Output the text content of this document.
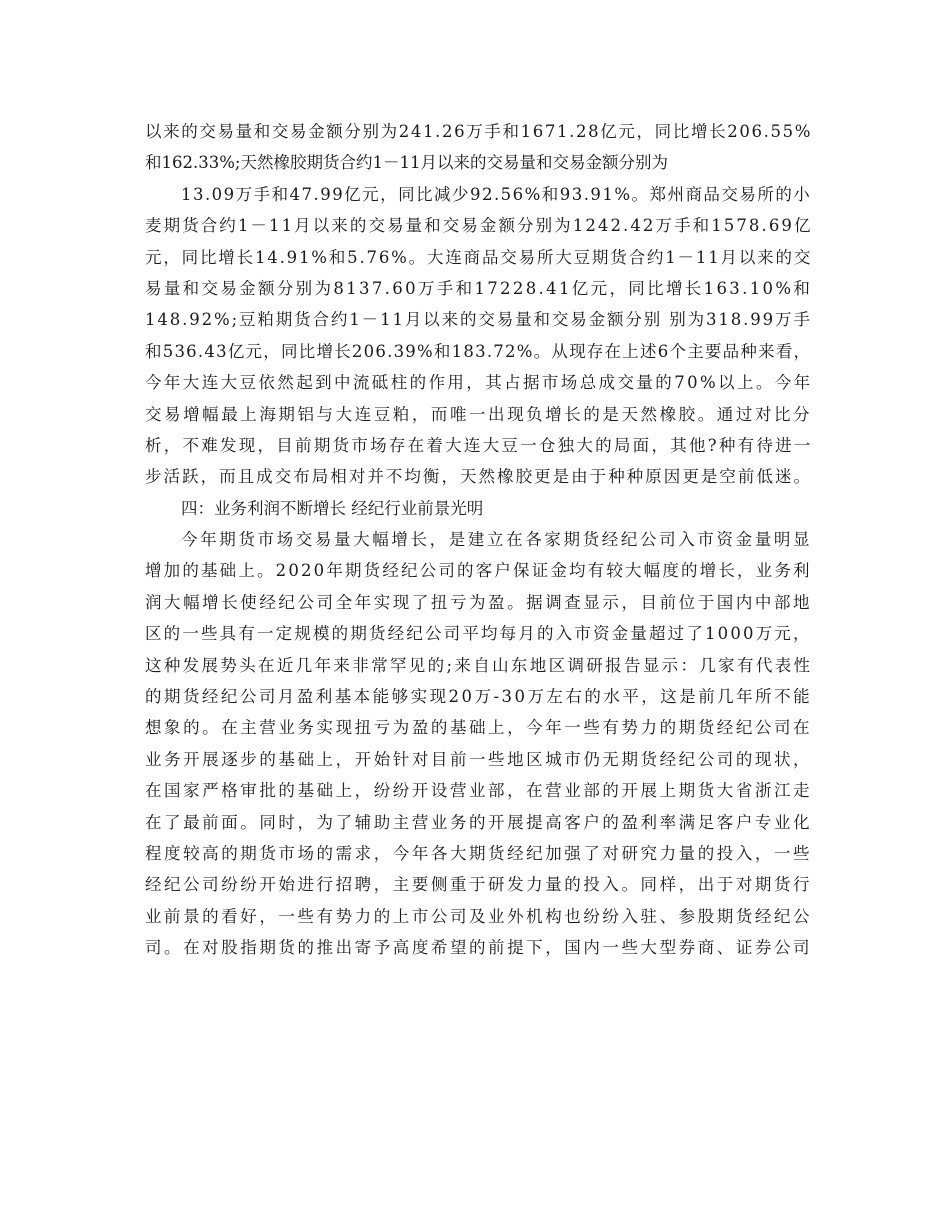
以来的交易量和交易金额分别为241.26万手和1671.28亿元，同比增长206.55%
和162.33%;天然橡胶期货合约1－11月以来的交易量和交易金额分别为
13.09万手和47.99亿元，同比减少92.56%和93.91%。郑州商品交易所的小
麦期货合约1－11月以来的交易量和交易金额分别为1242.42万手和1578.69亿
元，同比增长14.91%和5.76%。大连商品交易所大豆期货合约1－11月以来的交
易量和交易金额分别为8137.60万手和17228.41亿元，同比增长163.10%和
148.92%;豆粕期货合约1－11月以来的交易量和交易金额分别 别为318.99万手
和536.43亿元，同比增长206.39%和183.72%。从现存在上述6个主要品种来看，
今年大连大豆依然起到中流砥柱的作用，其占据市场总成交量的70%以上。今年
交易增幅最上海期铝与大连豆粕，而唯一出现负增长的是天然橡胶。通过对比分
析，不难发现，目前期货市场存在着大连大豆一仓独大的局面，其他?种有待进一
步活跃，而且成交布局相对并不均衡，天然橡胶更是由于种种原因更是空前低迷。
四：业务利润不断增长 经纪行业前景光明
今年期货市场交易量大幅增长，是建立在各家期货经纪公司入市资金量明显
增加的基础上。2020年期货经纪公司的客户保证金均有较大幅度的增长，业务利
润大幅增长使经纪公司全年实现了扭亏为盈。据调查显示，目前位于国内中部地
区的一些具有一定规模的期货经纪公司平均每月的入市资金量超过了1000万元，
这种发展势头在近几年来非常罕见的;来自山东地区调研报告显示：几家有代表性
的期货经纪公司月盈利基本能够实现20万-30万左右的水平，这是前几年所不能
想象的。在主营业务实现扭亏为盈的基础上，今年一些有势力的期货经纪公司在
业务开展逐步的基础上，开始针对目前一些地区城市仍无期货经纪公司的现状，
在国家严格审批的基础上，纷纷开设营业部，在营业部的开展上期货大省浙江走
在了最前面。同时，为了辅助主营业务的开展提高客户的盈利率满足客户专业化
程度较高的期货市场的需求，今年各大期货经纪加强了对研究力量的投入，一些
经纪公司纷纷开始进行招聘，主要侧重于研发力量的投入。同样，出于对期货行
业前景的看好，一些有势力的上市公司及业外机构也纷纷入驻、参股期货经纪公
司。在对股指期货的推出寄予高度希望的前提下，国内一些大型券商、证券公司
